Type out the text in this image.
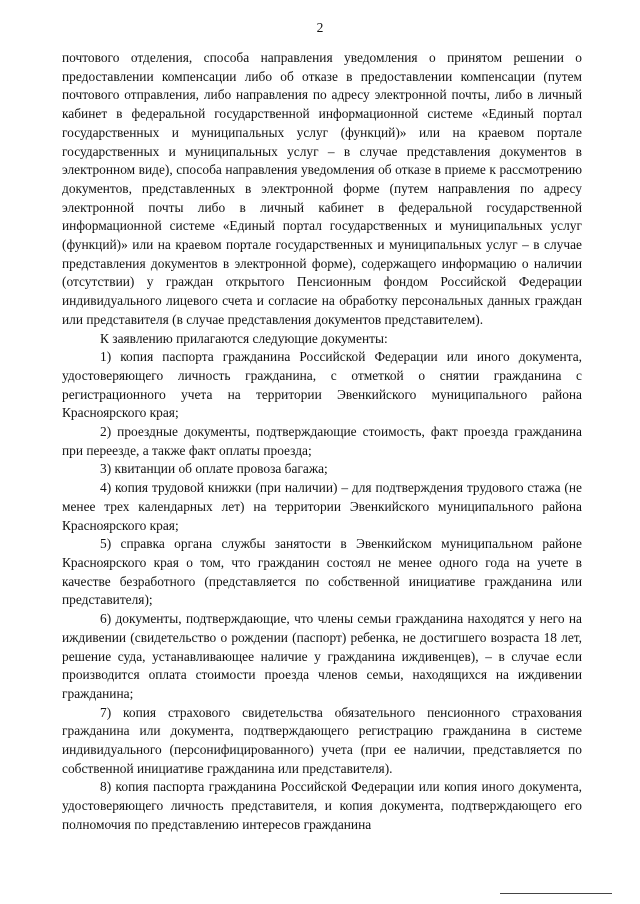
2

почтового отделения, способа направления уведомления о принятом решении о предоставлении компенсации либо об отказе в предоставлении компенсации (путем почтового отправления, либо направления по адресу электронной почты, либо в личный кабинет в федеральной государственной информационной системе «Единый портал государственных и муниципальных услуг (функций)» или на краевом портале государственных и муниципальных услуг – в случае представления документов в электронном виде), способа направления уведомления об отказе в приеме к рассмотрению документов, представленных в электронной форме (путем направления по адресу электронной почты либо в личный кабинет в федеральной государственной информационной системе «Единый портал государственных и муниципальных услуг (функций)» или на краевом портале государственных и муниципальных услуг – в случае представления документов в электронной форме), содержащего информацию о наличии (отсутствии) у граждан открытого Пенсионным фондом Российской Федерации индивидуального лицевого счета и согласие на обработку персональных данных граждан или представителя (в случае представления документов представителем).

К заявлению прилагаются следующие документы:

1) копия паспорта гражданина Российской Федерации или иного документа, удостоверяющего личность гражданина, с отметкой о снятии гражданина с регистрационного учета на территории Эвенкийского муниципального района Красноярского края;

2) проездные документы, подтверждающие стоимость, факт проезда гражданина при переезде, а также факт оплаты проезда;

3) квитанции об оплате провоза багажа;

4) копия трудовой книжки (при наличии) – для подтверждения трудового стажа (не менее трех календарных лет) на территории Эвенкийского муниципального района Красноярского края;

5) справка органа службы занятости в Эвенкийском муниципальном районе Красноярского края о том, что гражданин состоял не менее одного года на учете в качестве безработного (представляется по собственной инициативе гражданина или представителя);

6) документы, подтверждающие, что члены семьи гражданина находятся у него на иждивении (свидетельство о рождении (паспорт) ребенка, не достигшего возраста 18 лет, решение суда, устанавливающее наличие у гражданина иждивенцев), – в случае если производится оплата стоимости проезда членов семьи, находящихся на иждивении гражданина;

7) копия страхового свидетельства обязательного пенсионного страхования гражданина или документа, подтверждающего регистрацию гражданина в системе индивидуального (персонифицированного) учета (при ее наличии, представляется по собственной инициативе гражданина или представителя).

8) копия паспорта гражданина Российской Федерации или копия иного документа, удостоверяющего личность представителя, и копия документа, подтверждающего его полномочия по представлению интересов гражданина
